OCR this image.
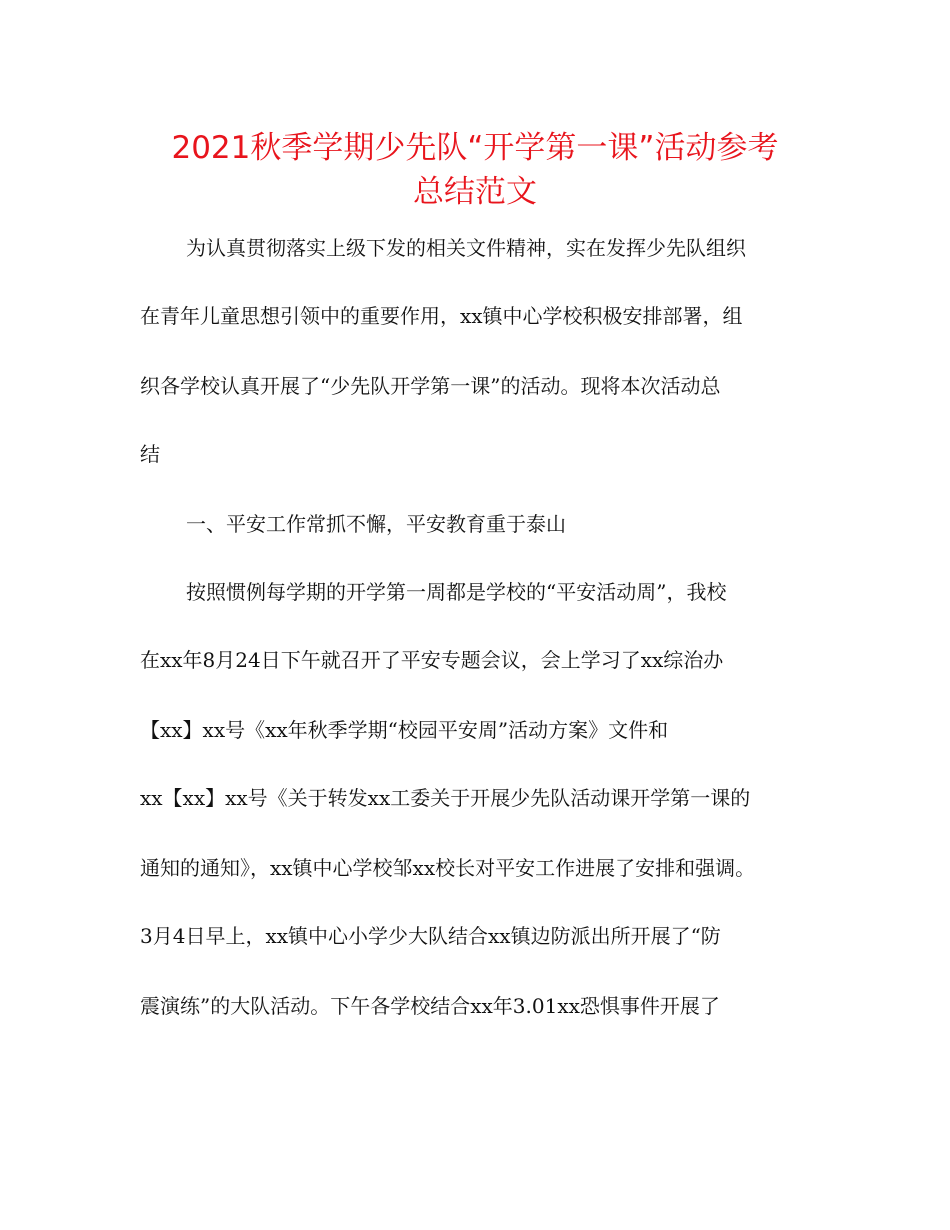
2021秋季学期少先队“开学第一课”活动参考
总结范文
为认真贯彻落实上级下发的相关文件精神，实在发挥少先队组织
在青年儿童思想引领中的重要作用，xx镇中心学校积极安排部署，组
织各学校认真开展了“少先队开学第一课”的活动。现将本次活动总
结
一、平安工作常抓不懈，平安教育重于泰山
按照惯例每学期的开学第一周都是学校的“平安活动周”，我校
在xx年8月24日下午就召开了平安专题会议，会上学习了xx综治办
【xx】xx号《xx年秋季学期“校园平安周”活动方案》文件和
xx【xx】xx号《关于转发xx工委关于开展少先队活动课开学第一课的
通知的通知》，xx镇中心学校邹xx校长对平安工作进展了安排和强调。
3月4日早上，xx镇中心小学少大队结合xx镇边防派出所开展了“防
震演练”的大队活动。下午各学校结合xx年3.01xx恐惧事件开展了
